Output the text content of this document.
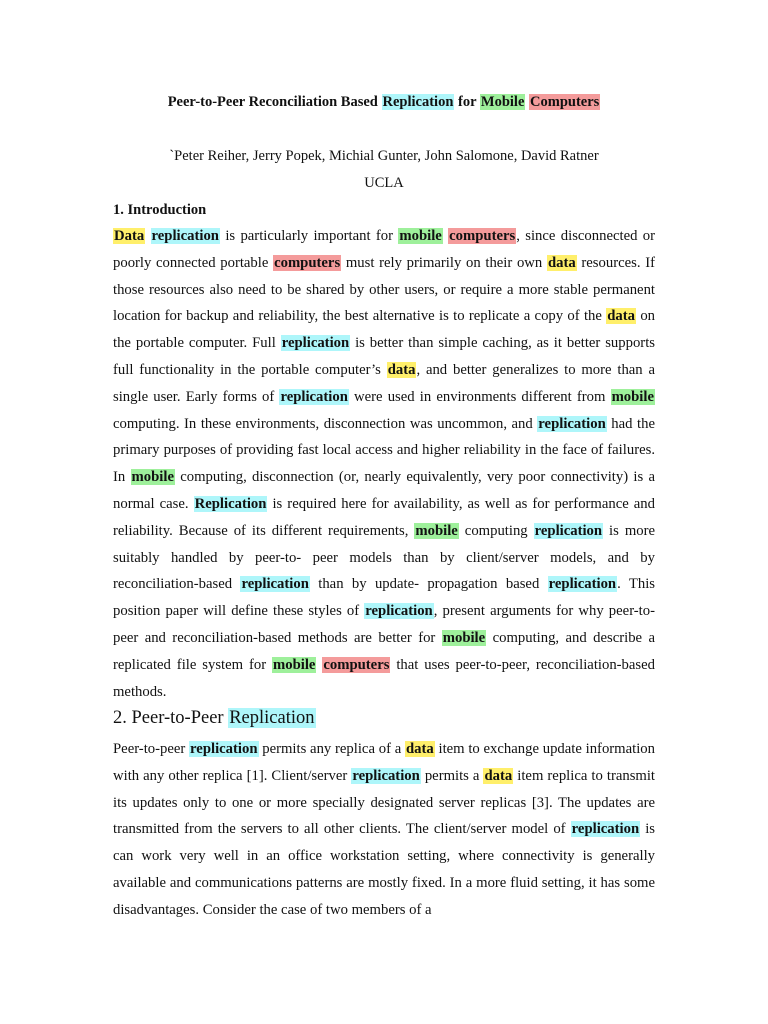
Peer-to-Peer Reconciliation Based Replication for Mobile Computers
`Peter Reiher, Jerry Popek, Michial Gunter, John Salomone, David Ratner
UCLA
1. Introduction

Data replication is particularly important for mobile computers, since disconnected or poorly connected portable computers must rely primarily on their own data resources. If those resources also need to be shared by other users, or require a more stable permanent location for backup and reliability, the best alternative is to replicate a copy of the data on the portable computer. Full replication is better than simple caching, as it better supports full functionality in the portable computer’s data, and better generalizes to more than a single user. Early forms of replication were used in environments different from mobile computing. In these environments, disconnection was uncommon, and replication had the primary purposes of providing fast local access and higher reliability in the face of failures. In mobile computing, disconnection (or, nearly equivalently, very poor connectivity) is a normal case. Replication is required here for availability, as well as for performance and reliability. Because of its different requirements, mobile computing replication is more suitably handled by peer-to- peer models than by client/server models, and by reconciliation-based replication than by update- propagation based replication. This position paper will define these styles of replication, present arguments for why peer-to-peer and reconciliation-based methods are better for mobile computing, and describe a replicated file system for mobile computers that uses peer-to-peer, reconciliation-based methods.

2. Peer-to-Peer Replication

Peer-to-peer replication permits any replica of a data item to exchange update information with any other replica [1]. Client/server replication permits a data item replica to transmit its updates only to one or more specially designated server replicas [3]. The updates are transmitted from the servers to all other clients. The client/server model of replication is can work very well in an office workstation setting, where connectivity is generally available and communications patterns are mostly fixed. In a more fluid setting, it has some disadvantages. Consider the case of two members of a
